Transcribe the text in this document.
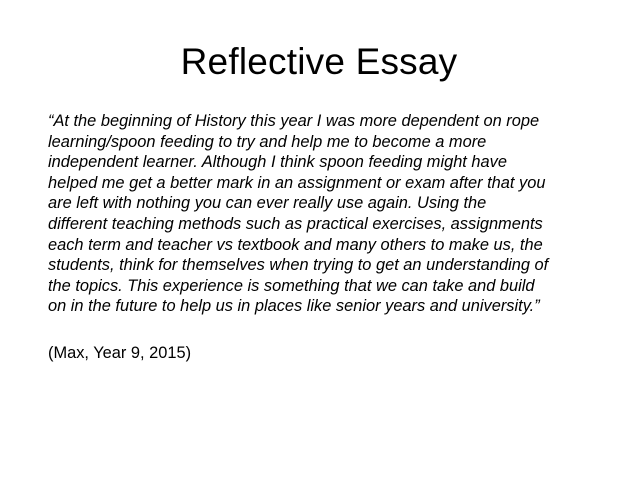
Reflective Essay

“At the beginning of History this year I was more dependent on rope
learning/spoon feeding to try and help me to become a more
independent learner. Although I think spoon feeding might have
helped me get a better mark in an assignment or exam after that you
are left with nothing you can ever really use again. Using the
different teaching methods such as practical exercises, assignments
each term and teacher vs textbook and many others to make us, the
students, think for themselves when trying to get an understanding of
the topics. This experience is something that we can take and build
on in the future to help us in places like senior years and university.”

(Max, Year 9, 2015)
